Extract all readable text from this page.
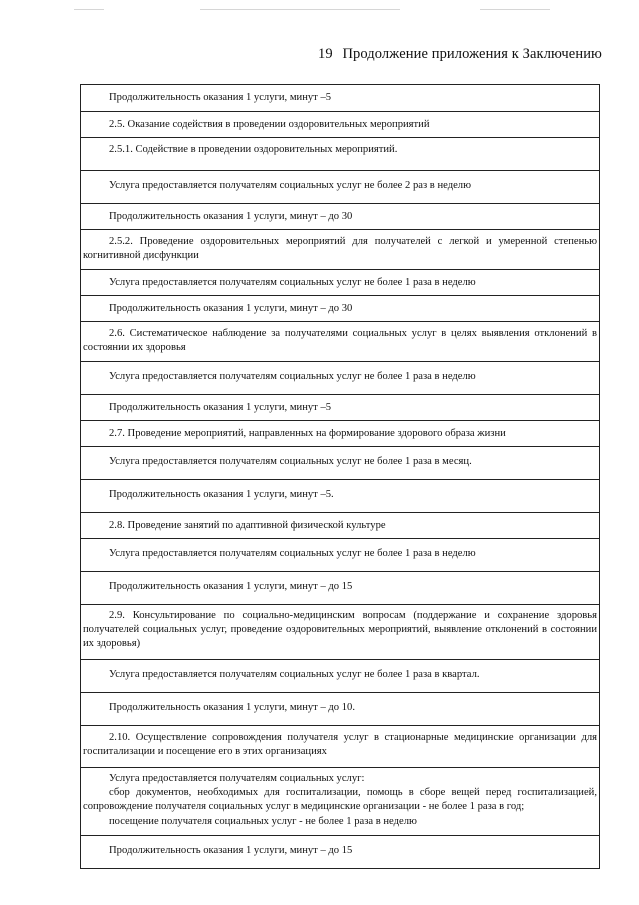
19 Продолжение приложения к Заключению
Продолжительность оказания 1 услуги, минут –5
2.5. Оказание содействия в проведении оздоровительных мероприятий
2.5.1. Содействие в проведении оздоровительных мероприятий.
Услуга предоставляется получателям социальных услуг не более 2 раз в неделю
Продолжительность оказания 1 услуги, минут – до 30
2.5.2. Проведение оздоровительных мероприятий для получателей с легкой и умеренной степенью когнитивной дисфункции
Услуга предоставляется получателям социальных услуг не более 1 раза в неделю
Продолжительность оказания 1 услуги, минут – до 30
2.6. Систематическое наблюдение за получателями социальных услуг в целях выявления отклонений в состоянии их здоровья
Услуга предоставляется получателям социальных услуг не более 1 раза в неделю
Продолжительность оказания 1 услуги, минут –5
2.7. Проведение мероприятий, направленных на формирование здорового образа жизни
Услуга предоставляется получателям социальных услуг не более 1 раза в месяц.
Продолжительность оказания 1 услуги, минут –5.
2.8. Проведение занятий по адаптивной физической культуре
Услуга предоставляется получателям социальных услуг не более 1 раза в неделю
Продолжительность оказания 1 услуги, минут – до 15
2.9. Консультирование по социально-медицинским вопросам (поддержание и сохранение здоровья получателей социальных услуг, проведение оздоровительных мероприятий, выявление отклонений в состоянии их здоровья)
Услуга предоставляется получателям социальных услуг не более 1 раза в квартал.
Продолжительность оказания 1 услуги, минут – до 10.
2.10. Осуществление сопровождения получателя услуг в стационарные медицинские организации для госпитализации и посещение его в этих организациях
Услуга предоставляется получателям социальных услуг:
сбор документов, необходимых для госпитализации, помощь в сборе вещей перед госпитализацией, сопровождение получателя социальных услуг в медицинские организации - не более 1 раза в год;
посещение получателя социальных услуг - не более 1 раза в неделю
Продолжительность оказания 1 услуги, минут – до 15
